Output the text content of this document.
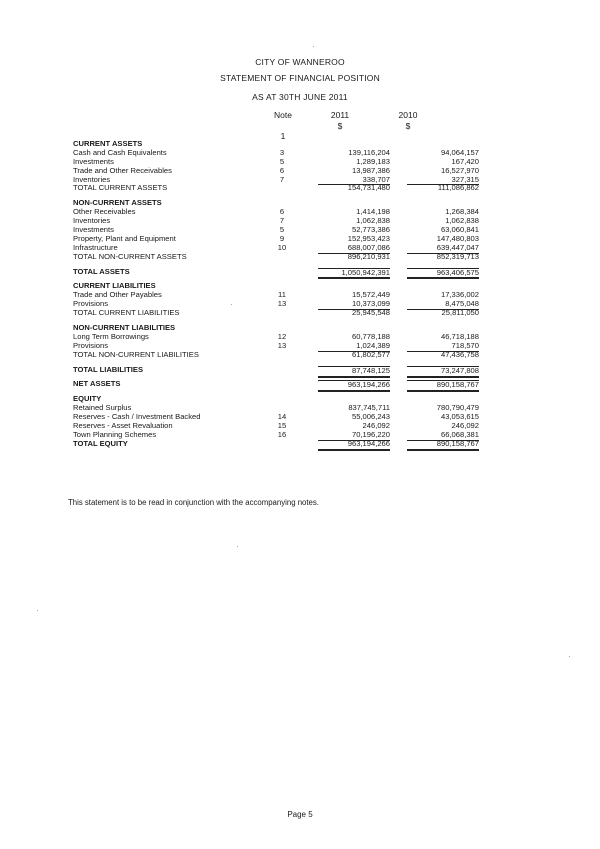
CITY OF WANNEROO
STATEMENT OF FINANCIAL POSITION
AS AT 30TH JUNE 2011
Note	2011	2010
$	$
1
CURRENT ASSETS
Cash and Cash Equivalents	3	139,116,204	94,064,157
Investments	5	1,289,183	167,420
Trade and Other Receivables	6	13,987,386	16,527,970
Inventories	7	338,707	327,315
TOTAL CURRENT ASSETS	154,731,480	111,086,862
NON-CURRENT ASSETS
Other Receivables	6	1,414,198	1,268,384
Inventories	7	1,062,838	1,062,838
Investments	5	52,773,386	63,060,841
Property, Plant and Equipment	9	152,953,423	147,480,803
Infrastructure	10	688,007,086	639,447,047
TOTAL NON-CURRENT ASSETS	896,210,931	852,319,713
TOTAL ASSETS	1,050,942,391	963,406,575
CURRENT LIABILITIES
Trade and Other Payables	11	15,572,449	17,336,002
Provisions	13	10,373,099	8,475,048
TOTAL CURRENT LIABILITIES	25,945,548	25,811,050
NON-CURRENT LIABILITIES
Long Term Borrowings	12	60,778,188	46,718,188
Provisions	13	1,024,389	718,570
TOTAL NON-CURRENT LIABILITIES	61,802,577	47,436,758
TOTAL LIABILITIES	87,748,125	73,247,808
NET ASSETS	963,194,266	890,158,767
EQUITY
Retained Surplus	837,745,711	780,790,479
Reserves - Cash / Investment Backed	14	55,006,243	43,053,615
Reserves - Asset Revaluation	15	246,092	246,092
Town Planning Schemes	16	70,196,220	66,068,381
TOTAL EQUITY	963,194,266	890,158,767
This statement is to be read in conjunction with the accompanying notes.
Page 5
